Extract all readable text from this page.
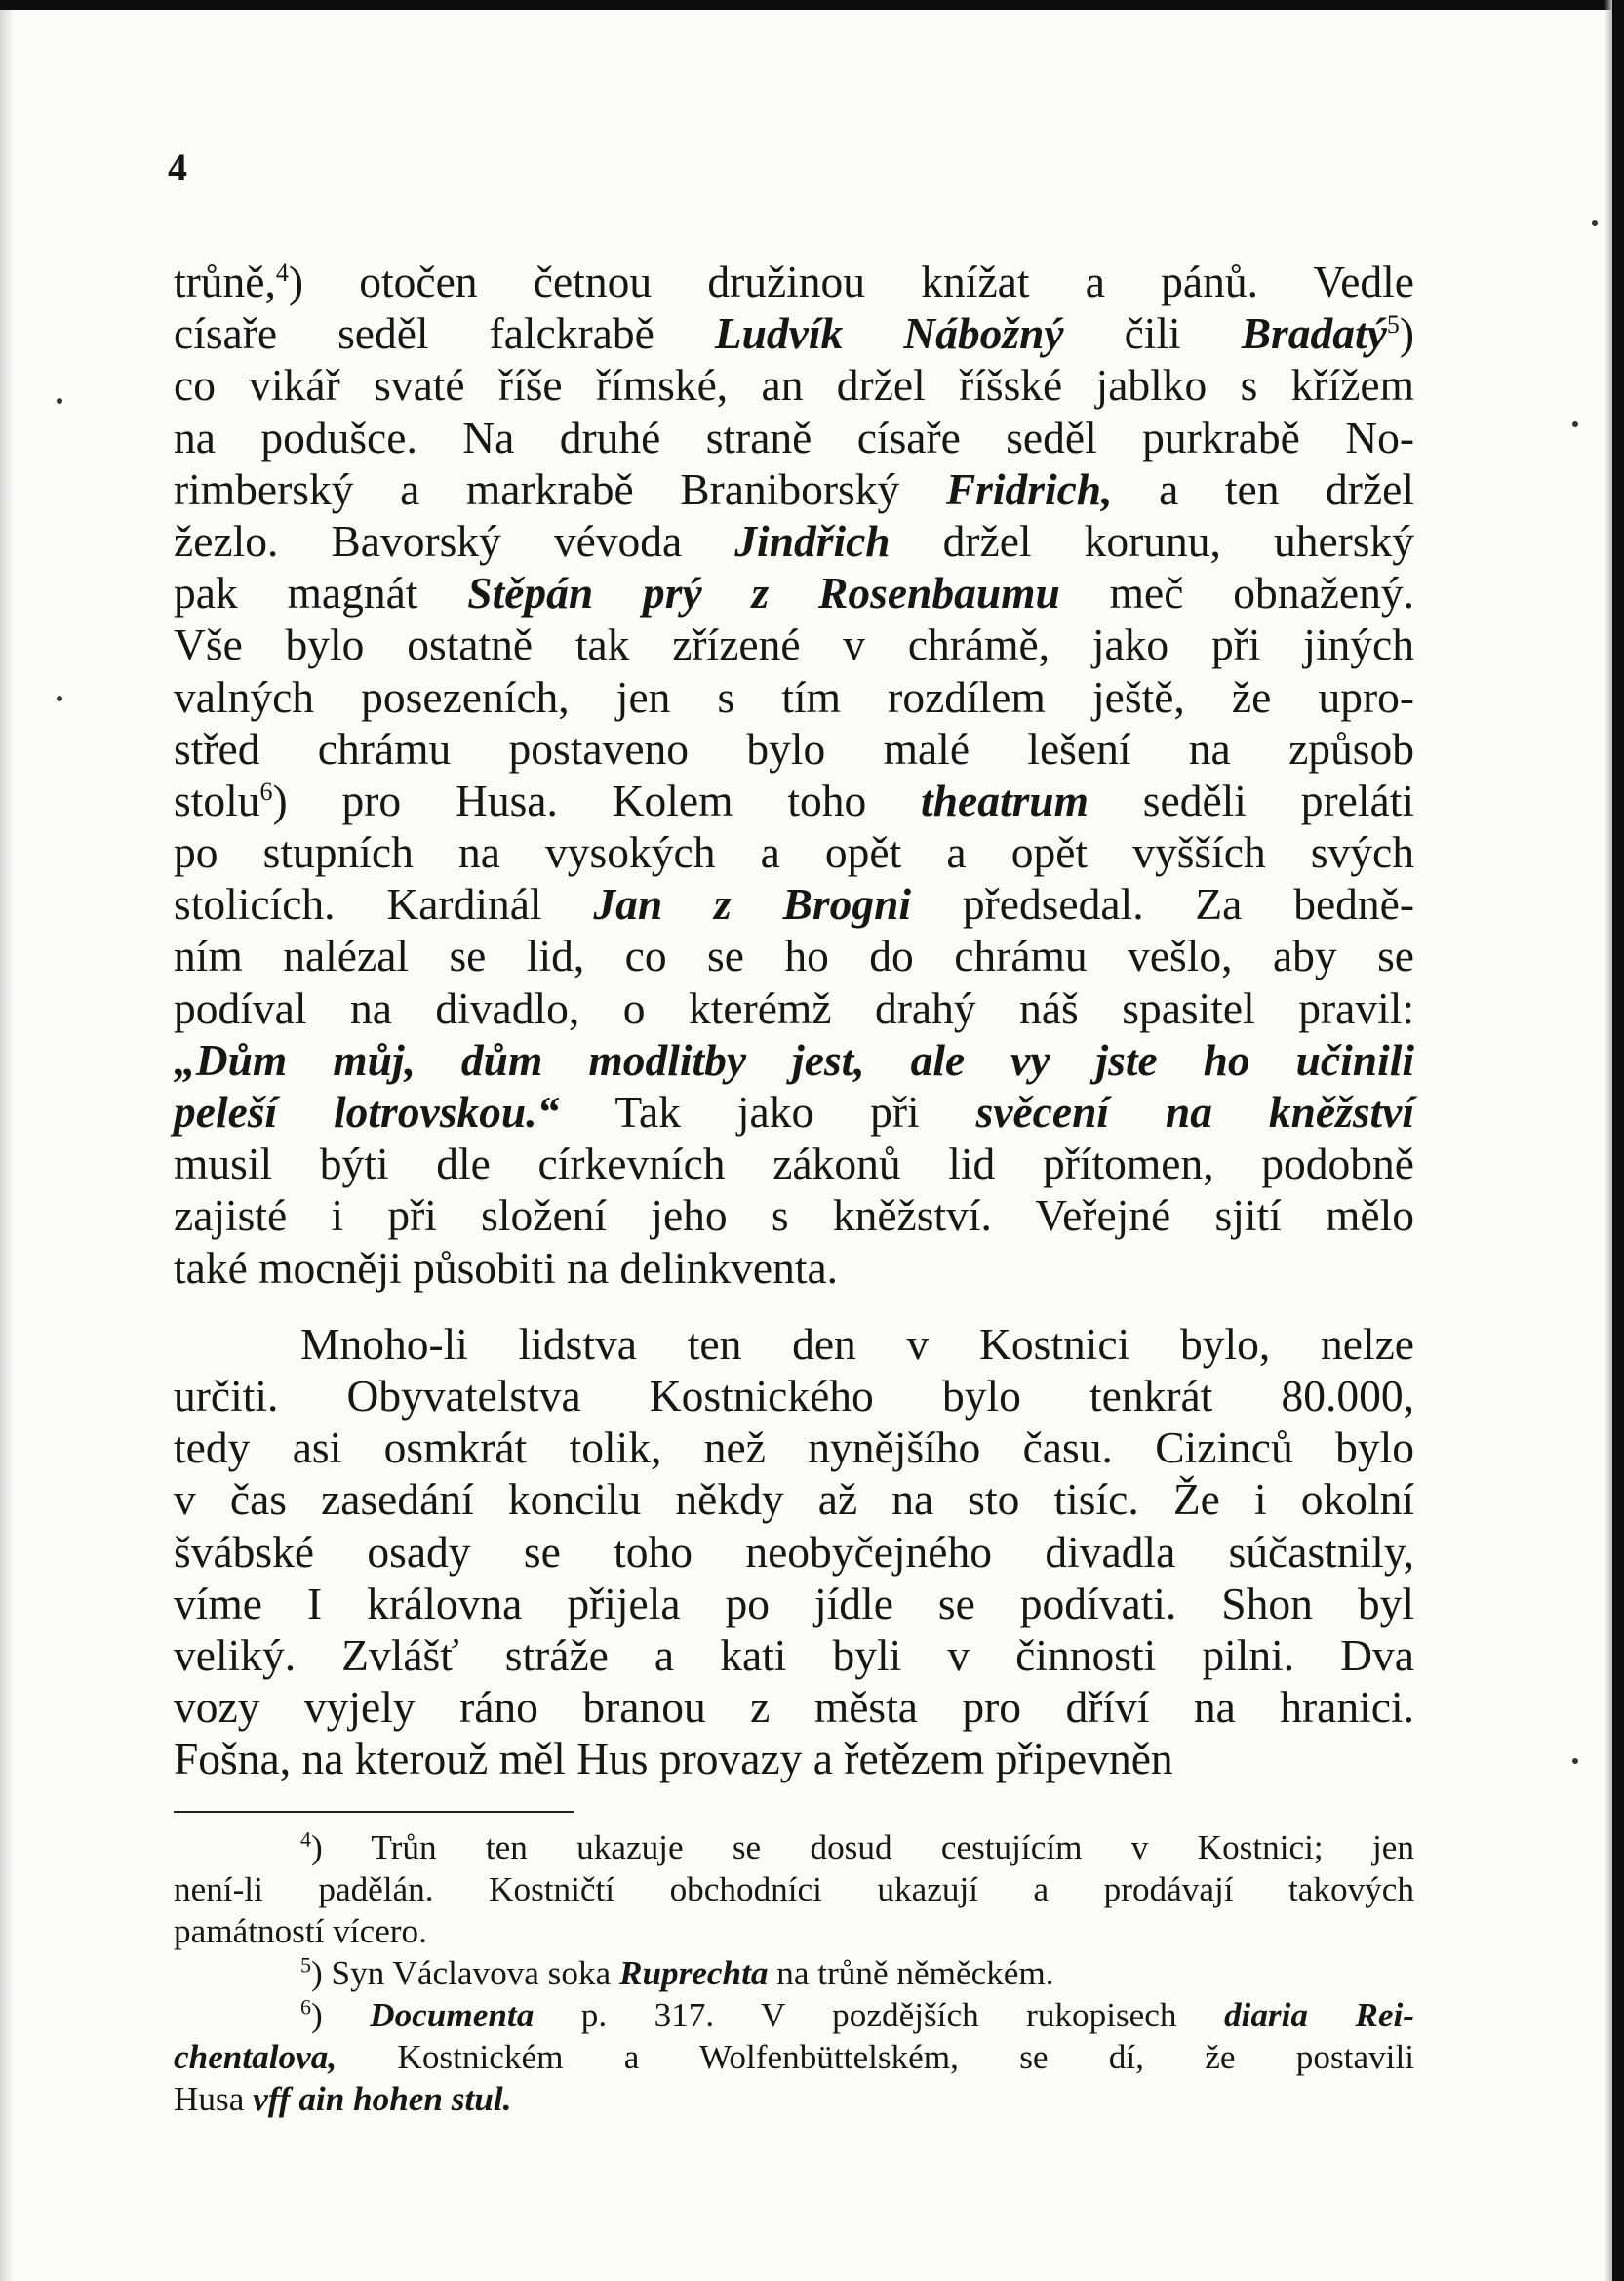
4
trůně,$^4$) otočen četnou družinou knížat a pánů. Vedle
císaře seděl falckrabě Ludvík Nábožný čili Bradatý$^5$)
co vikář svaté říše římské, an držel říšské jablko s křížem
na podušce. Na druhé straně císaře seděl purkrabě No-
rimberský a markrabě Braniborský Fridrich, a ten držel
žezlo. Bavorský vévoda Jindřich držel korunu, uherský
pak magnát Stěpán prý z Rosenbaumu meč obnažený.
Vše bylo ostatně tak zřízené v chrámě, jako při jiných
valných posezeních, jen s tím rozdílem ještě, že upro-
střed chrámu postaveno bylo malé lešení na způsob
stolu$^6$) pro Husa. Kolem toho theatrum seděli preláti
po stupních na vysokých a opět a opět vyšších svých
stolicích. Kardinál Jan z Brogni předsedal. Za bedně-
ním nalézal se lid, co se ho do chrámu vešlo, aby se
podíval na divadlo, o kterémž drahý náš spasitel pravil:
„Dům můj, dům modlitby jest, ale vy jste ho učinili
peleší lotrovskou.“ Tak jako při svěcení na kněžství
musil býti dle církevních zákonů lid přítomen, podobně
zajisté i při složení jeho s kněžství. Veřejné sjití mělo
také mocněji působiti na delinkventa.
Mnoho-li lidstva ten den v Kostnici bylo, nelze
určiti. Obyvatelstva Kostnického bylo tenkrát 80.000,
tedy asi osmkrát tolik, než nynějšího času. Cizinců bylo
v čas zasedání koncilu někdy až na sto tisíc. Že i okolní
švábské osady se toho neobyčejného divadla súčastnily,
víme I královna přijela po jídle se podívati. Shon byl
veliký. Zvlášť stráže a kati byli v činnosti pilni. Dva
vozy vyjely ráno branou z města pro dříví na hranici.
Fošna, na kterouž měl Hus provazy a řetězem připevněn
$^4$) Trůn ten ukazuje se dosud cestujícím v Kostnici; jen
není-li padělán. Kostničtí obchodníci ukazují a prodávají takových
památností vícero.
$^5$) Syn Václavova soka Ruprechta na trůně něměckém.
$^6$) Documenta p. 317. V pozdějších rukopisech diaria Rei-
chentalova, Kostnickém a Wolfenbüttelském, se dí, že postavili
Husa vff ain hohen stul.
